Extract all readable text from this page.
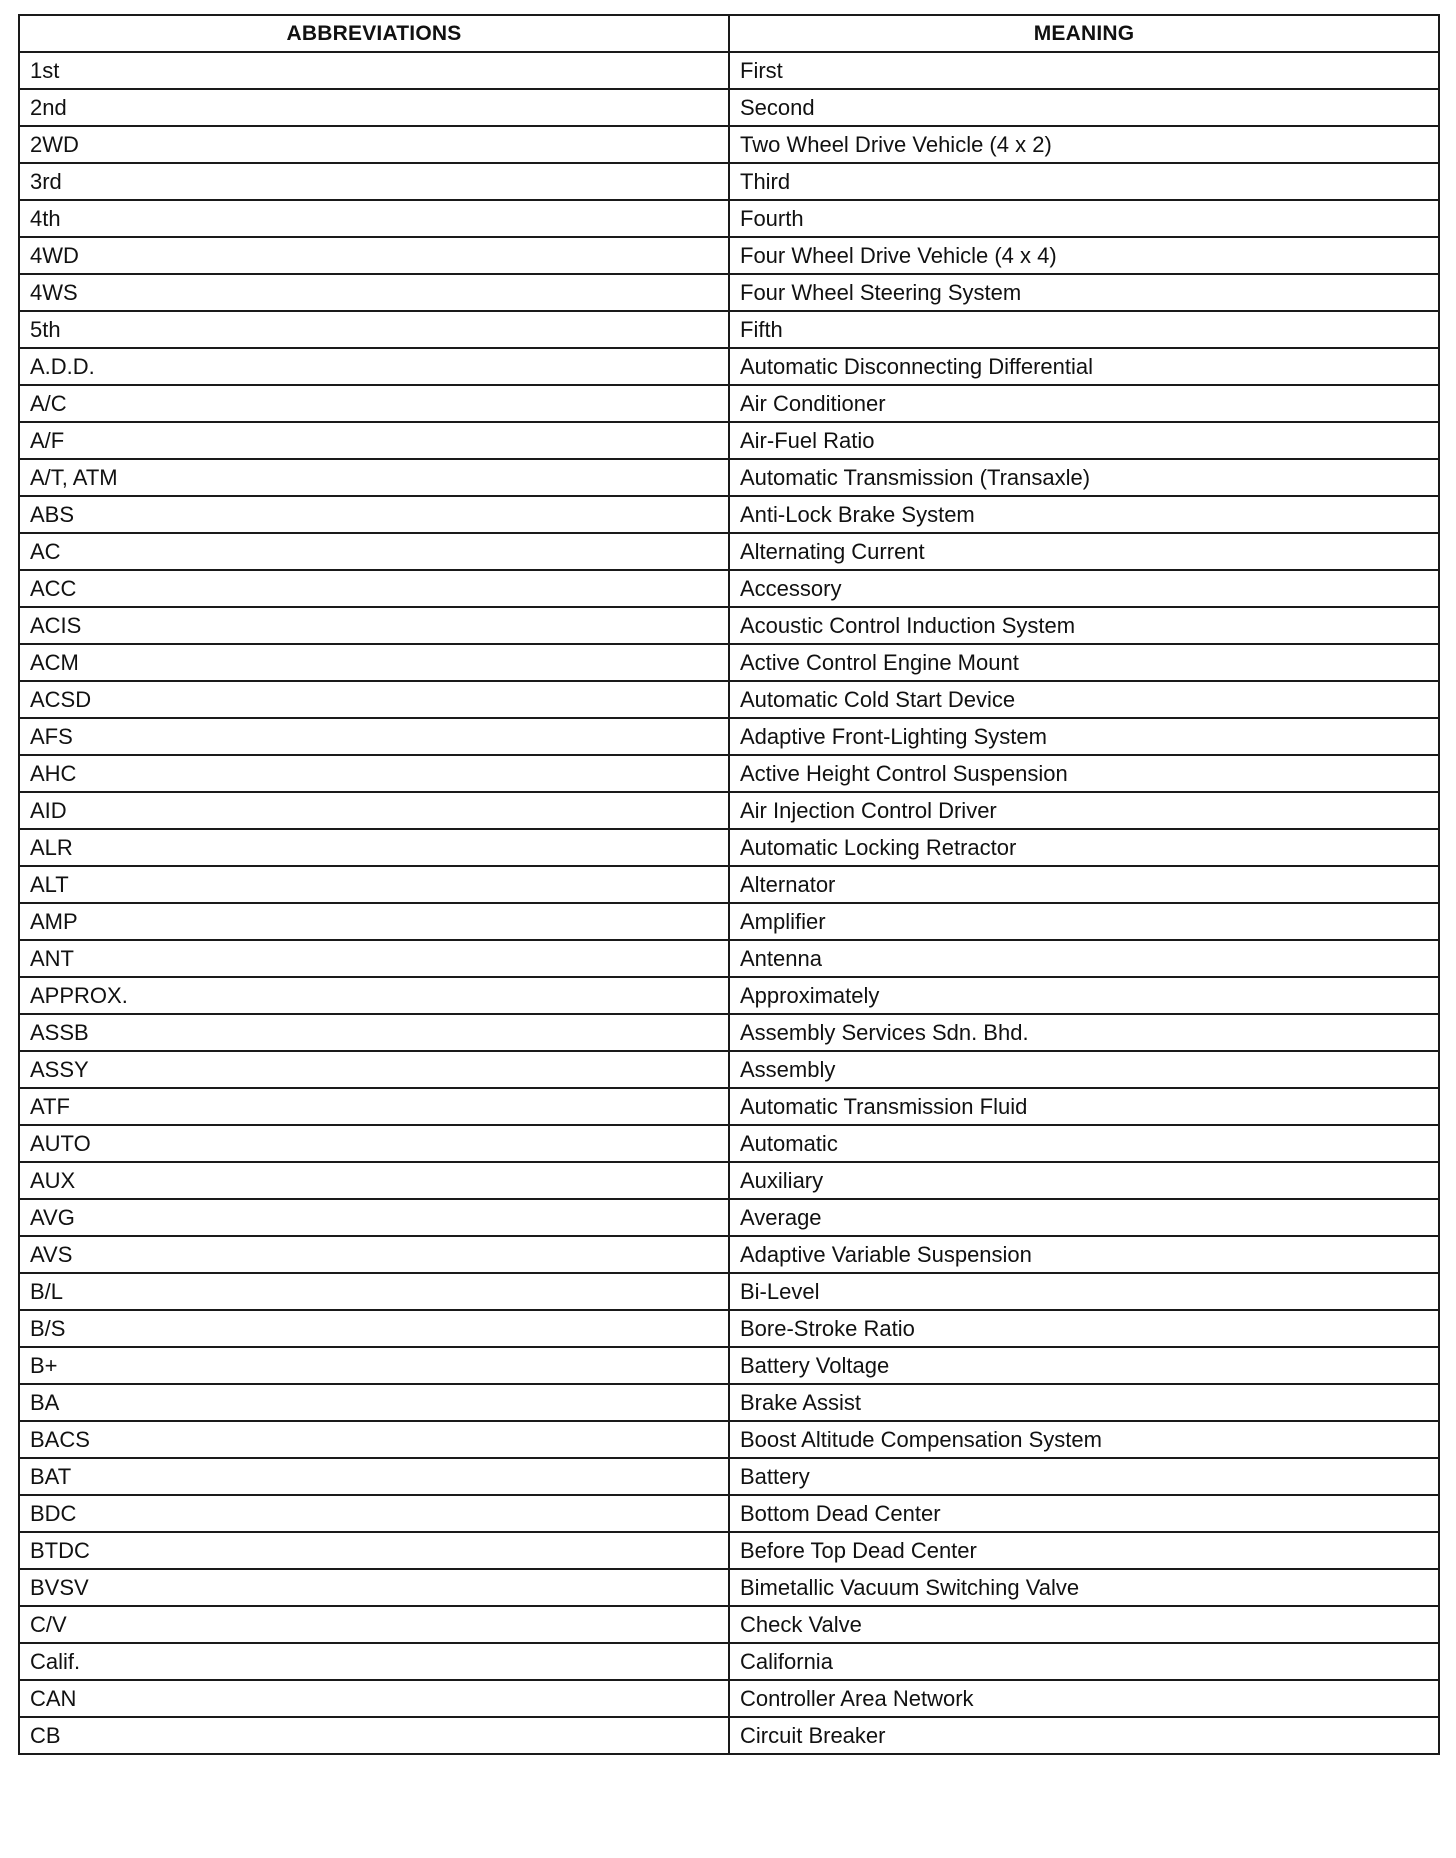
ABBREVIATIONS	MEANING
1st	First
2nd	Second
2WD	Two Wheel Drive Vehicle (4 x 2)
3rd	Third
4th	Fourth
4WD	Four Wheel Drive Vehicle (4 x 4)
4WS	Four Wheel Steering System
5th	Fifth
A.D.D.	Automatic Disconnecting Differential
A/C	Air Conditioner
A/F	Air-Fuel Ratio
A/T, ATM	Automatic Transmission (Transaxle)
ABS	Anti-Lock Brake System
AC	Alternating Current
ACC	Accessory
ACIS	Acoustic Control Induction System
ACM	Active Control Engine Mount
ACSD	Automatic Cold Start Device
AFS	Adaptive Front-Lighting System
AHC	Active Height Control Suspension
AID	Air Injection Control Driver
ALR	Automatic Locking Retractor
ALT	Alternator
AMP	Amplifier
ANT	Antenna
APPROX.	Approximately
ASSB	Assembly Services Sdn. Bhd.
ASSY	Assembly
ATF	Automatic Transmission Fluid
AUTO	Automatic
AUX	Auxiliary
AVG	Average
AVS	Adaptive Variable Suspension
B/L	Bi-Level
B/S	Bore-Stroke Ratio
B+	Battery Voltage
BA	Brake Assist
BACS	Boost Altitude Compensation System
BAT	Battery
BDC	Bottom Dead Center
BTDC	Before Top Dead Center
BVSV	Bimetallic Vacuum Switching Valve
C/V	Check Valve
Calif.	California
CAN	Controller Area Network
CB	Circuit Breaker
